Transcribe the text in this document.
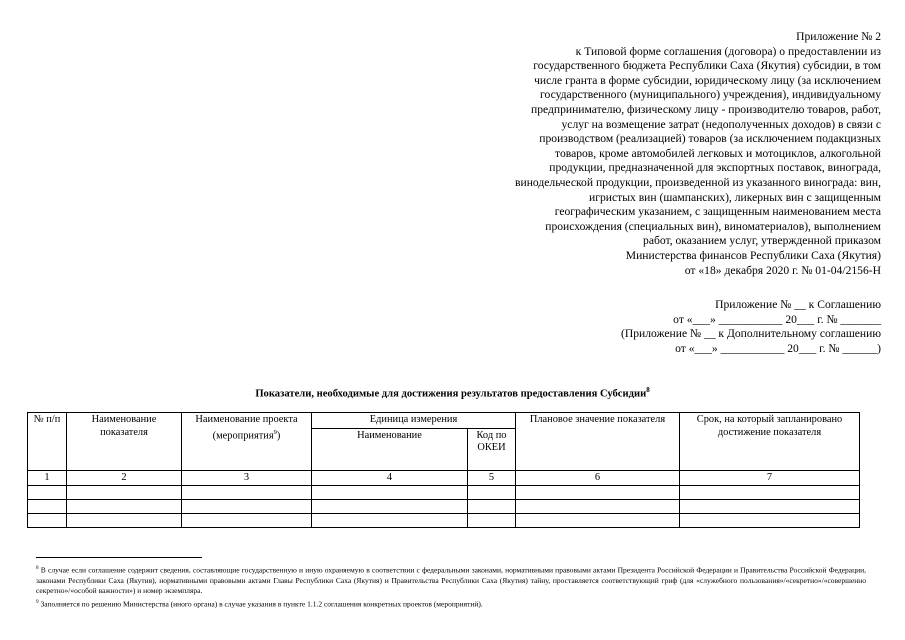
Приложение № 2
к Типовой форме соглашения (договора) о предоставлении из
государственного бюджета Республики Саха (Якутия) субсидии, в том
числе гранта в форме субсидии, юридическому лицу (за исключением
государственного (муниципального) учреждения), индивидуальному
предпринимателю, физическому лицу - производителю товаров, работ,
услуг на возмещение затрат (недополученных доходов) в связи с
производством (реализацией) товаров (за исключением подакцизных
товаров, кроме автомобилей легковых и мотоциклов, алкогольной
продукции, предназначенной для экспортных поставок, винограда,
винодельческой продукции, произведенной из указанного винограда: вин,
игристых вин (шампанских), ликерных вин с защищенным
географическим указанием, с защищенным наименованием места
происхождения (специальных вин), виноматериалов), выполнением
работ, оказанием услуг, утвержденной приказом
Министерства финансов Республики Саха (Якутия)
от «18» декабря 2020 г. № 01-04/2156-Н
Приложение № __ к Соглашению
от «___» ___________ 20___ г. № _______
(Приложение № __ к Дополнительному соглашению
от «___» ___________ 20___ г. № ______)
Показатели, необходимые для достижения результатов предоставления Субсидии$^8$
№ п/п	Наименование показателя	Наименование проекта (мероприятия$^9$)	Единица измерения		Плановое значение показателя	Срок, на который запланировано достижение показателя
			Наименование	Код по ОКЕИ		
1	2	3	4	5	6	7

$^8$ В случае если соглашение содержит сведения, составляющие государственную и иную охраняемую в соответствии с федеральными законами, нормативными правовыми актами Президента Российской Федерации и Правительства Российской Федерации, законами Республики Саха (Якутия), нормативными правовыми актами Главы Республики Саха (Якутия) и Правительства Республики Саха (Якутия) тайну, проставляется соответствующий гриф (для «служебного пользования»/«секретно»/«совершенно секретно»/«особой важности») и номер экземпляра.

$^9$ Заполняется по решению Министерства (иного органа) в случае указания в пункте 1.1.2 соглашения конкретных проектов (мероприятий).
